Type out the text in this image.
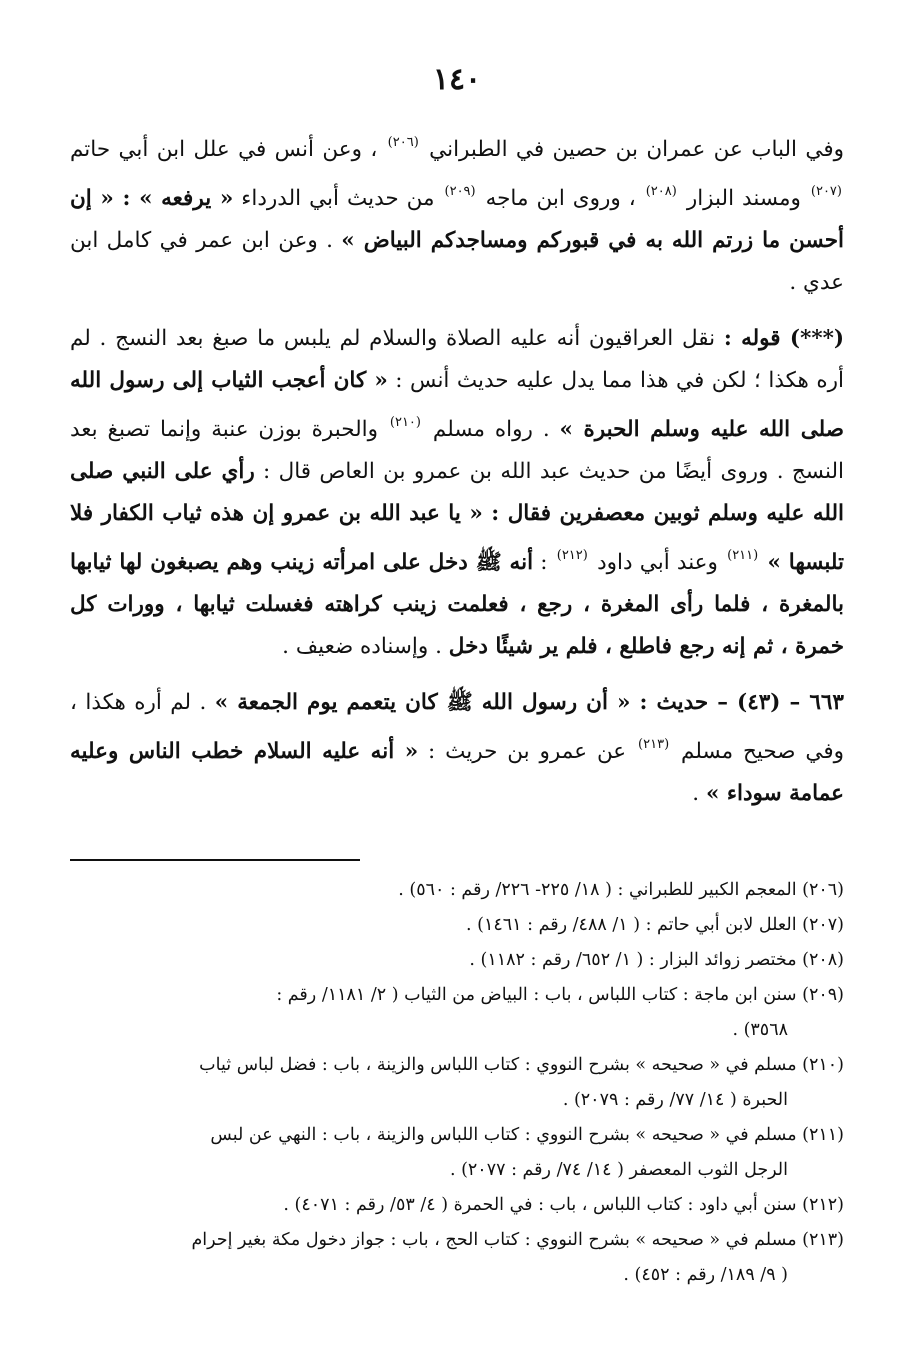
١٤٠

وفي الباب عن عمران بن حصين في الطبراني $^{(٢٠٦)}$ ، وعن أنس في علل ابن أبي حاتم $^{(٢٠٧)}$ ومسند البزار $^{(٢٠٨)}$ ، وروى ابن ماجه $^{(٢٠٩)}$ من حديث أبي الدرداء « يرفعه » : « إن أحسن ما زرتم الله به في قبوركم ومساجدكم البياض » . وعن ابن عمر في كامل ابن عدي .

(***) قوله : نقل العراقيون أنه عليه الصلاة والسلام لم يلبس ما صبغ بعد النسج . لم أره هكذا ؛ لكن في هذا مما يدل عليه حديث أنس : « كان أعجب الثياب إلى رسول الله صلى الله عليه وسلم الحبرة » . رواه مسلم $^{(٢١٠)}$ والحبرة بوزن عنبة وإنما تصبغ بعد النسج . وروى أيضًا من حديث عبد الله بن عمرو بن العاص قال : رأي على النبي صلى الله عليه وسلم ثوبين معصفرين فقال : « يا عبد الله بن عمرو إن هذه ثياب الكفار فلا تلبسها » $^{(٢١١)}$ وعند أبي داود $^{(٢١٢)}$ : أنه ﷺ دخل على امرأته زينب وهم يصبغون لها ثيابها بالمغرة ، فلما رأى المغرة ، رجع ، فعلمت زينب كراهته فغسلت ثيابها ، وورات كل خمرة ، ثم إنه رجع فاطلع ، فلم ير شيئًا دخل . وإسناده ضعيف .

٦٦٣ – (٤٣) – حديث : « أن رسول الله ﷺ كان يتعمم يوم الجمعة » . لم أره هكذا ، وفي صحيح مسلم $^{(٢١٣)}$ عن عمرو بن حريث : « أنه عليه السلام خطب الناس وعليه عمامة سوداء » .

(٢٠٦) المعجم الكبير للطبراني : ( ١٨/ ٢٢٥- ٢٢٦/ رقم : ٥٦٠) .

(٢٠٧) العلل لابن أبي حاتم : ( ١/ ٤٨٨/ رقم : ١٤٦١) .

(٢٠٨) مختصر زوائد البزار : ( ١/ ٦٥٢/ رقم : ١١٨٢) .

(٢٠٩) سنن ابن ماجة : كتاب اللباس ، باب : البياض من الثياب ( ٢/ ١١٨١/ رقم :
٣٥٦٨) .

(٢١٠) مسلم في « صحيحه » بشرح النووي : كتاب اللباس والزينة ، باب : فضل لباس ثياب
الحبرة ( ١٤/ ٧٧/ رقم : ٢٠٧٩) .

(٢١١) مسلم في « صحيحه » بشرح النووي : كتاب اللباس والزينة ، باب : النهي عن لبس
الرجل الثوب المعصفر ( ١٤/ ٧٤/ رقم : ٢٠٧٧) .

(٢١٢) سنن أبي داود : كتاب اللباس ، باب : في الحمرة ( ٤/ ٥٣/ رقم : ٤٠٧١) .

(٢١٣) مسلم في « صحيحه » بشرح النووي : كتاب الحج ، باب : جواز دخول مكة بغير إحرام
( ٩/ ١٨٩/ رقم : ٤٥٢) .
